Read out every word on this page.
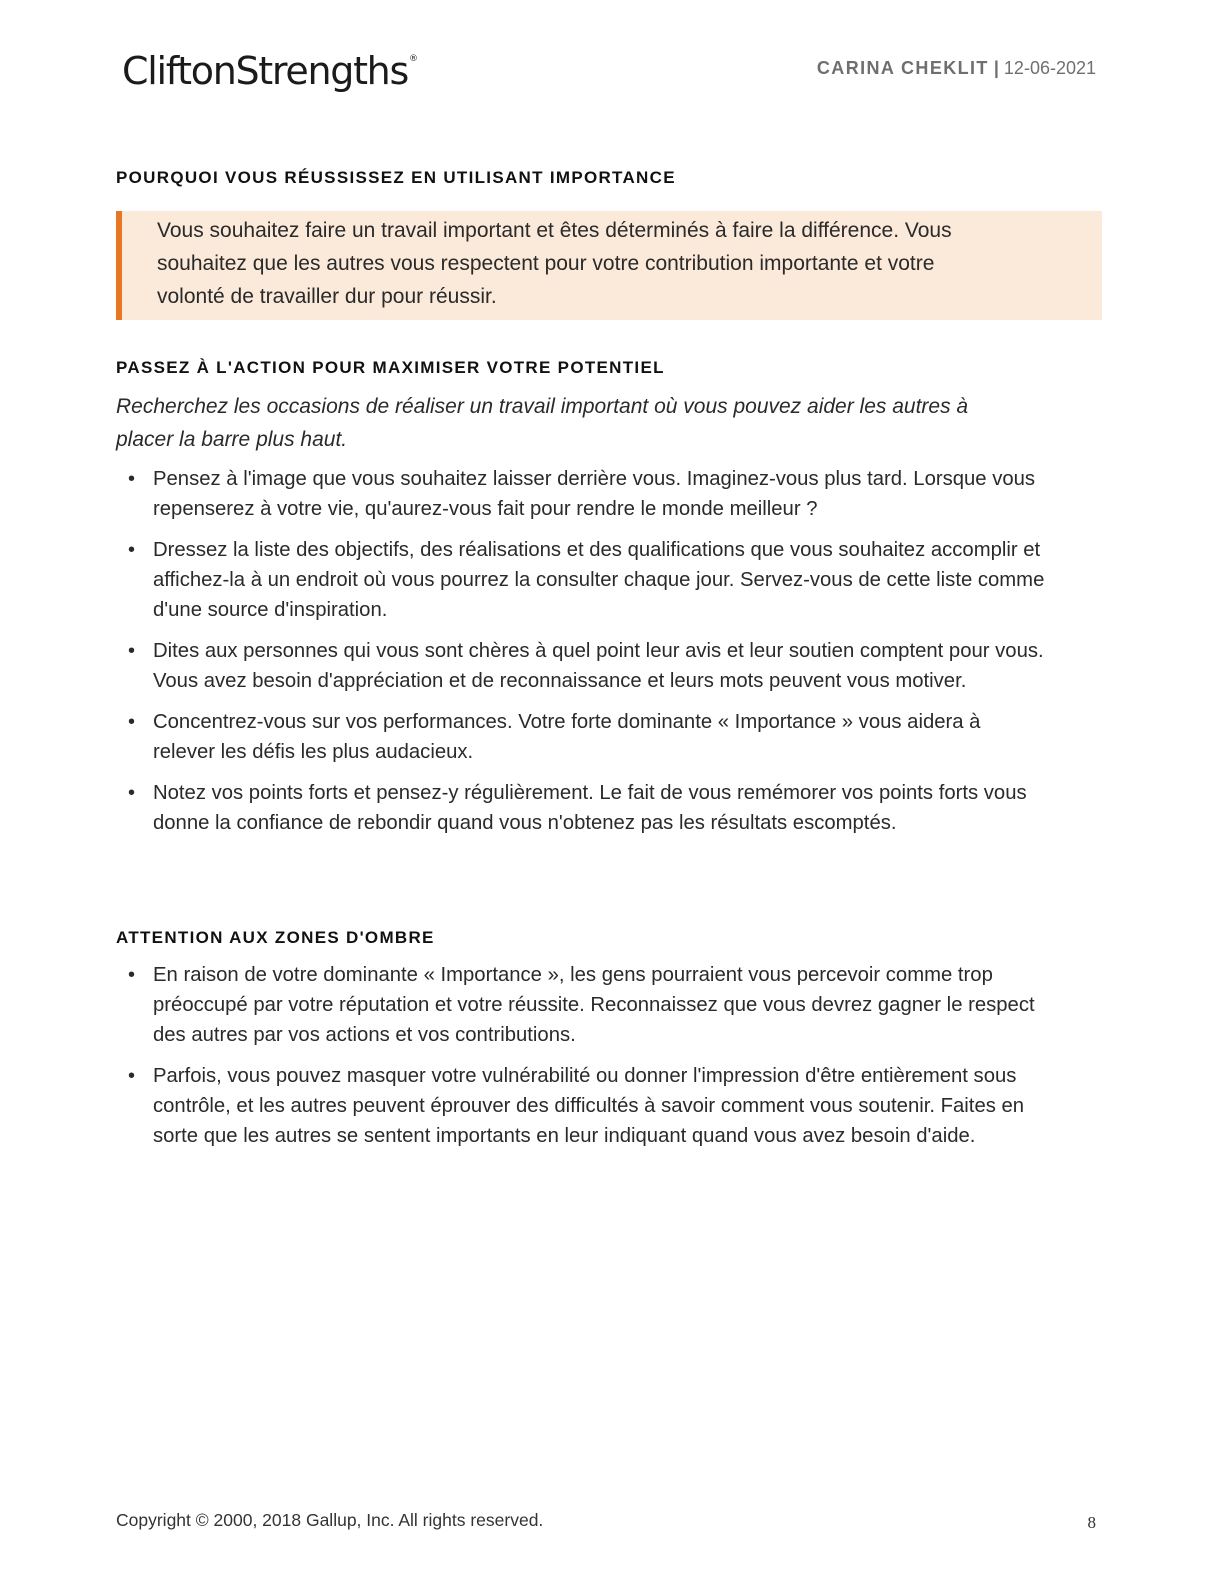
CliftonStrengths®	CARINA CHEKLIT | 12-06-2021
POURQUOI VOUS RÉUSSISSEZ EN UTILISANT IMPORTANCE

Vous souhaitez faire un travail important et êtes déterminés à faire la différence. Vous souhaitez que les autres vous respectent pour votre contribution importante et votre volonté de travailler dur pour réussir.

PASSEZ À L'ACTION POUR MAXIMISER VOTRE POTENTIEL

Recherchez les occasions de réaliser un travail important où vous pouvez aider les autres à placer la barre plus haut.

• Pensez à l'image que vous souhaitez laisser derrière vous. Imaginez-vous plus tard. Lorsque vous repenserez à votre vie, qu'aurez-vous fait pour rendre le monde meilleur ?
• Dressez la liste des objectifs, des réalisations et des qualifications que vous souhaitez accomplir et affichez-la à un endroit où vous pourrez la consulter chaque jour. Servez-vous de cette liste comme d'une source d'inspiration.
• Dites aux personnes qui vous sont chères à quel point leur avis et leur soutien comptent pour vous. Vous avez besoin d'appréciation et de reconnaissance et leurs mots peuvent vous motiver.
• Concentrez-vous sur vos performances. Votre forte dominante « Importance » vous aidera à relever les défis les plus audacieux.
• Notez vos points forts et pensez-y régulièrement. Le fait de vous remémorer vos points forts vous donne la confiance de rebondir quand vous n'obtenez pas les résultats escomptés.
ATTENTION AUX ZONES D'OMBRE
• En raison de votre dominante « Importance », les gens pourraient vous percevoir comme trop préoccupé par votre réputation et votre réussite. Reconnaissez que vous devrez gagner le respect des autres par vos actions et vos contributions.
• Parfois, vous pouvez masquer votre vulnérabilité ou donner l'impression d'être entièrement sous contrôle, et les autres peuvent éprouver des difficultés à savoir comment vous soutenir. Faites en sorte que les autres se sentent importants en leur indiquant quand vous avez besoin d'aide.
Copyright © 2000, 2018 Gallup, Inc. All rights reserved.	8
